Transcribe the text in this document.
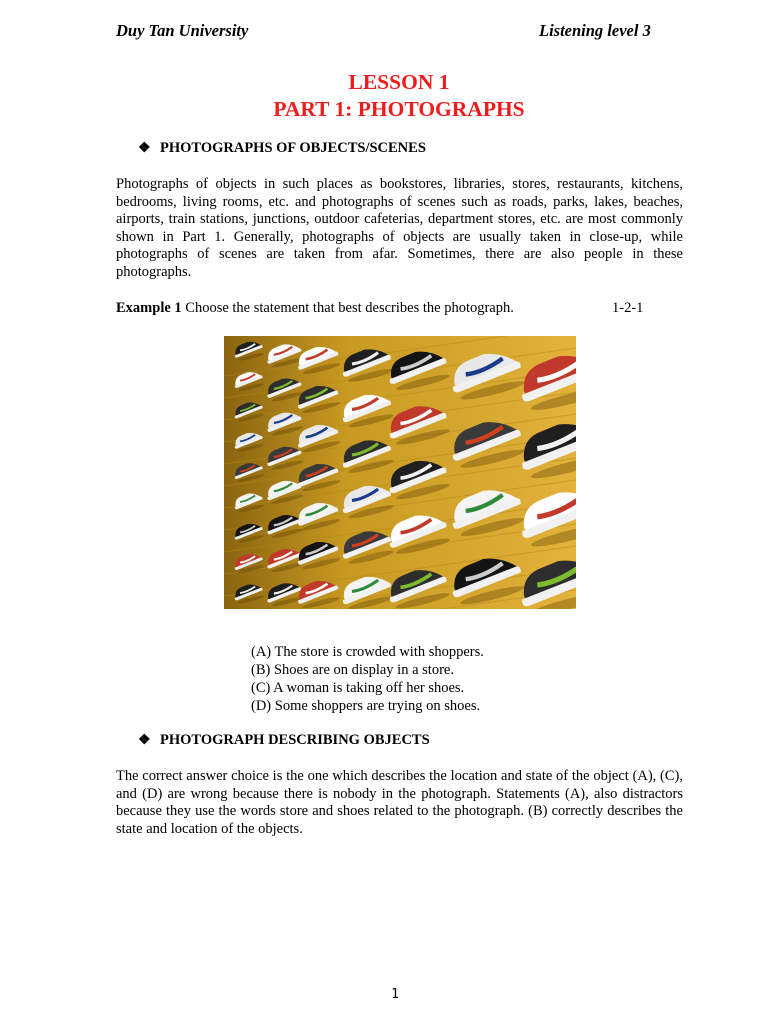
Duy Tan University	Listening level 3
LESSON 1
PART 1: PHOTOGRAPHS
❖ PHOTOGRAPHS OF OBJECTS/SCENES
Photographs of objects in such places as bookstores, libraries, stores, restaurants, kitchens, bedrooms, living rooms, etc. and photographs of scenes such as roads, parks, lakes, beaches, airports, train stations, junctions, outdoor cafeterias, department stores, etc. are most commonly shown in Part 1. Generally, photographs of objects are usually taken in close-up, while photographs of scenes are taken from afar. Sometimes, there are also people in these photographs.
Example 1 Choose the statement that best describes the photograph.	1-2-1
(A) The store is crowded with shoppers.
(B) Shoes are on display in a store.
(C) A woman is taking off her shoes.
(D) Some shoppers are trying on shoes.
❖ PHOTOGRAPH DESCRIBING OBJECTS
The correct answer choice is the one which describes the location and state of the object (A), (C), and (D) are wrong because there is nobody in the photograph. Statements (A), also distractors because they use the words store and shoes related to the photograph. (B) correctly describes the state and location of the objects.
1
